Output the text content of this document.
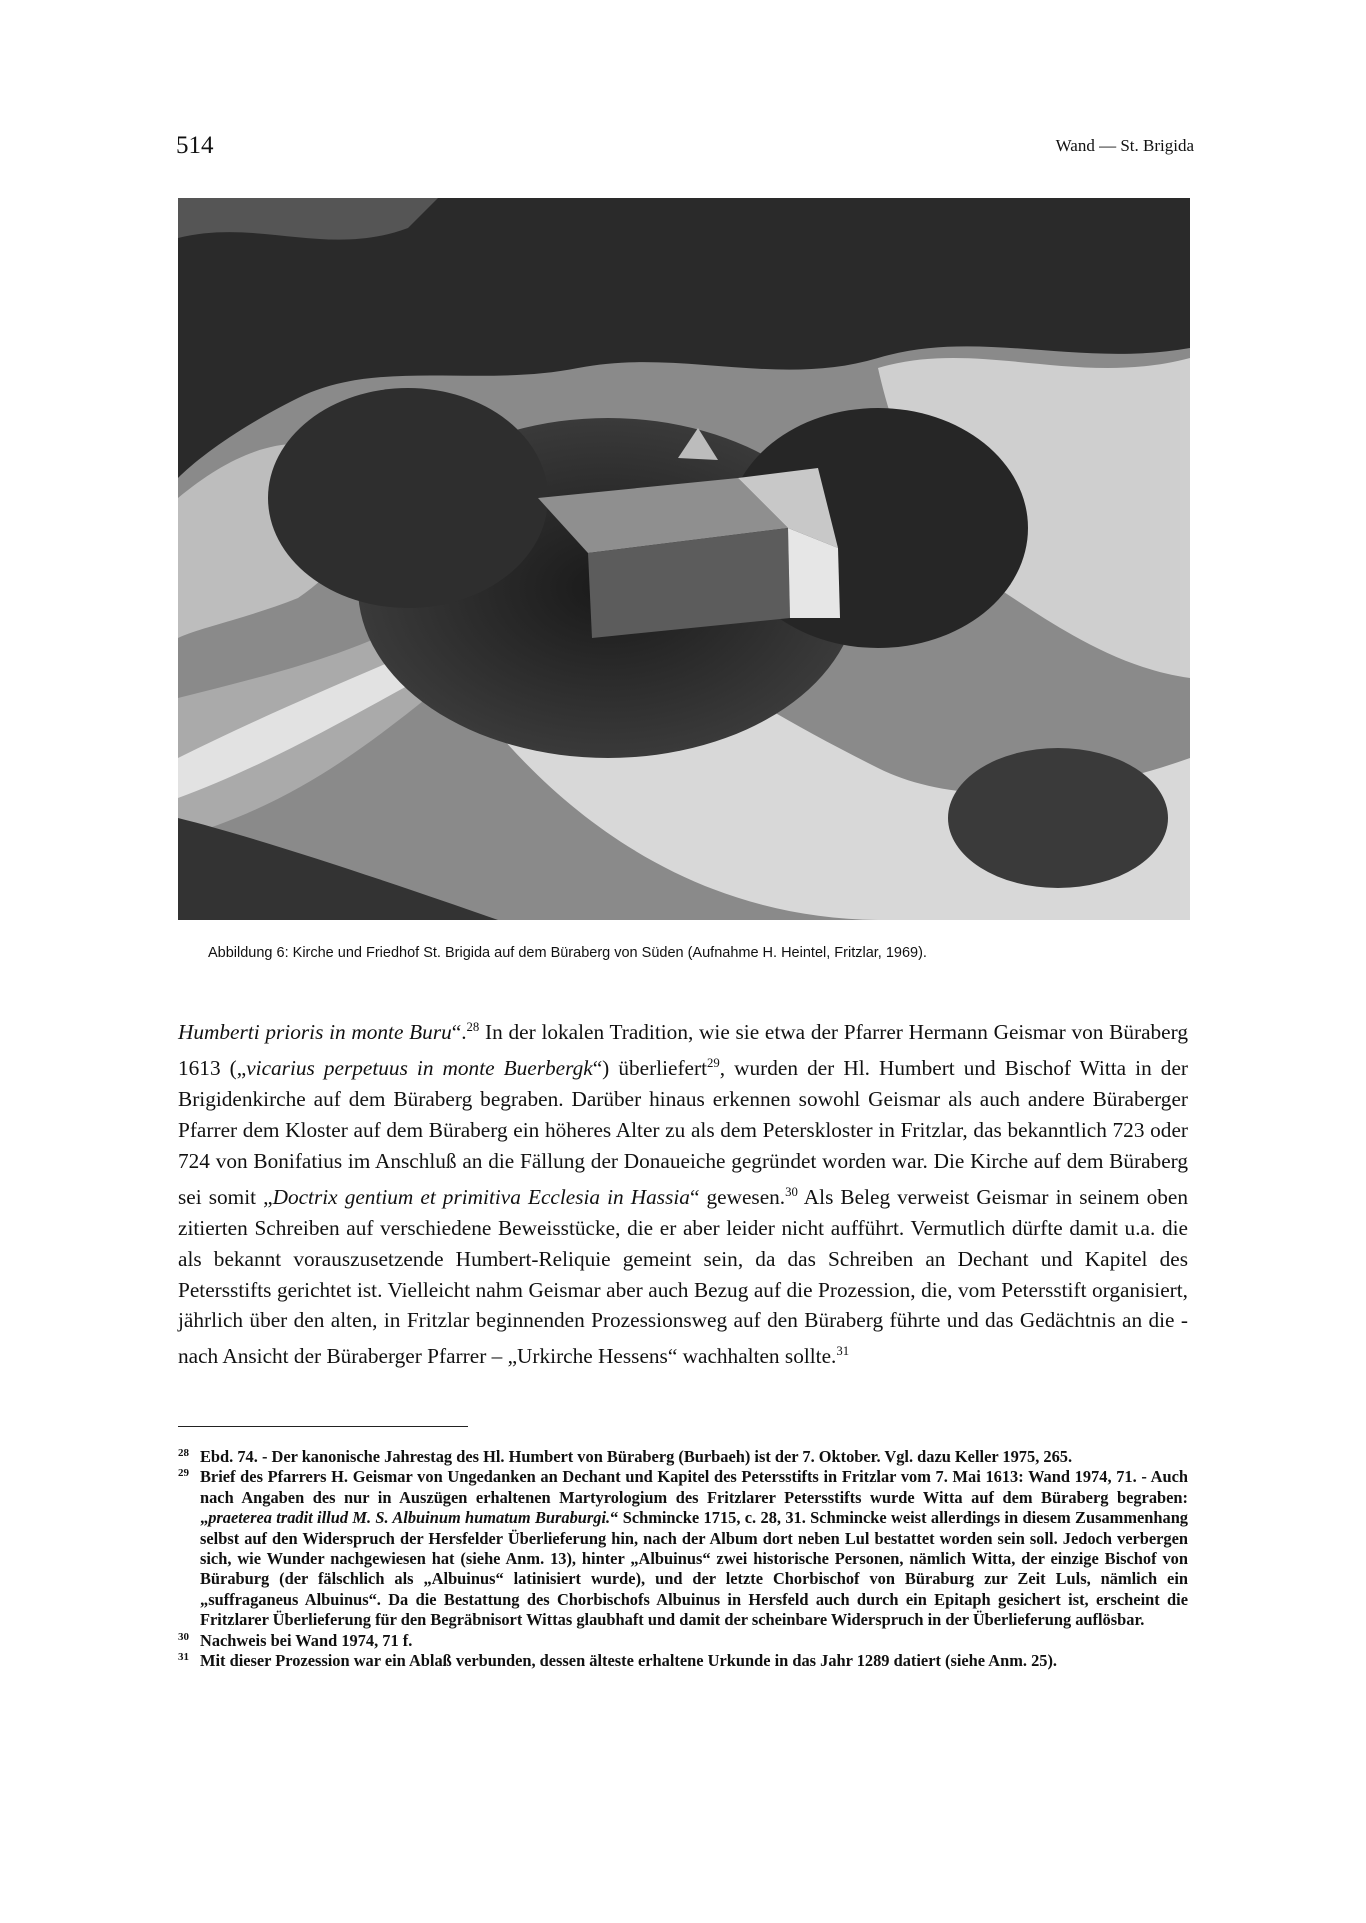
514	Wand — St. Brigida
Abbildung 6: Kirche und Friedhof St. Brigida auf dem Büraberg von Süden (Aufnahme H. Heintel, Fritzlar, 1969).

Humberti prioris in monte Buru“.$^{28}$ In der lokalen Tradition, wie sie etwa der Pfarrer Hermann Geismar von Büraberg 1613 („vicarius perpetuus in monte Buerbergk“) überliefert$^{29}$, wurden der Hl. Humbert und Bischof Witta in der Brigidenkirche auf dem Büraberg begraben. Darüber hinaus erkennen sowohl Geismar als auch andere Büraberger Pfarrer dem Kloster auf dem Büraberg ein höheres Alter zu als dem Peterskloster in Fritzlar, das bekanntlich 723 oder 724 von Bonifatius im Anschluß an die Fällung der Donaueiche gegründet worden war. Die Kirche auf dem Büraberg sei somit „Doctrix gentium et primitiva Ecclesia in Hassia“ gewesen.$^{30}$ Als Beleg verweist Geismar in seinem oben zitierten Schreiben auf verschiedene Beweisstücke, die er aber leider nicht aufführt. Vermutlich dürfte damit u.a. die als bekannt vorauszusetzende Humbert-Reliquie gemeint sein, da das Schreiben an Dechant und Kapitel des Petersstifts gerichtet ist. Vielleicht nahm Geismar aber auch Bezug auf die Prozession, die, vom Petersstift organisiert, jährlich über den alten, in Fritzlar beginnenden Prozessionsweg auf den Büraberg führte und das Gedächtnis an die - nach Ansicht der Büraberger Pfarrer – „Urkirche Hessens“ wachhalten sollte.$^{31}$

28 Ebd. 74. - Der kanonische Jahrestag des Hl. Humbert von Büraberg (Burbaeh) ist der 7. Oktober. Vgl. dazu Keller 1975, 265.

29 Brief des Pfarrers H. Geismar von Ungedanken an Dechant und Kapitel des Petersstifts in Fritzlar vom 7. Mai 1613: Wand 1974, 71. - Auch nach Angaben des nur in Auszügen erhaltenen Martyrologium des Fritzlarer Petersstifts wurde Witta auf dem Büraberg begraben: „praeterea tradit illud M. S. Albuinum humatum Buraburgi.“ Schmincke 1715, c. 28, 31. Schmincke weist allerdings in diesem Zusammenhang selbst auf den Widerspruch der Hersfelder Überlieferung hin, nach der Album dort neben Lul bestattet worden sein soll. Jedoch verbergen sich, wie Wunder nachgewiesen hat (siehe Anm. 13), hinter „Albuinus“ zwei historische Personen, nämlich Witta, der einzige Bischof von Büraburg (der fälschlich als „Albuinus“ latinisiert wurde), und der letzte Chorbischof von Büraburg zur Zeit Luls, nämlich ein „suffraganeus Albuinus“. Da die Bestattung des Chorbischofs Albuinus in Hersfeld auch durch ein Epitaph gesichert ist, erscheint die Fritzlarer Überlieferung für den Begräbnisort Wittas glaubhaft und damit der scheinbare Widerspruch in der Überlieferung auflösbar.

30 Nachweis bei Wand 1974, 71 f.

31 Mit dieser Prozession war ein Ablaß verbunden, dessen älteste erhaltene Urkunde in das Jahr 1289 datiert (siehe Anm. 25).
